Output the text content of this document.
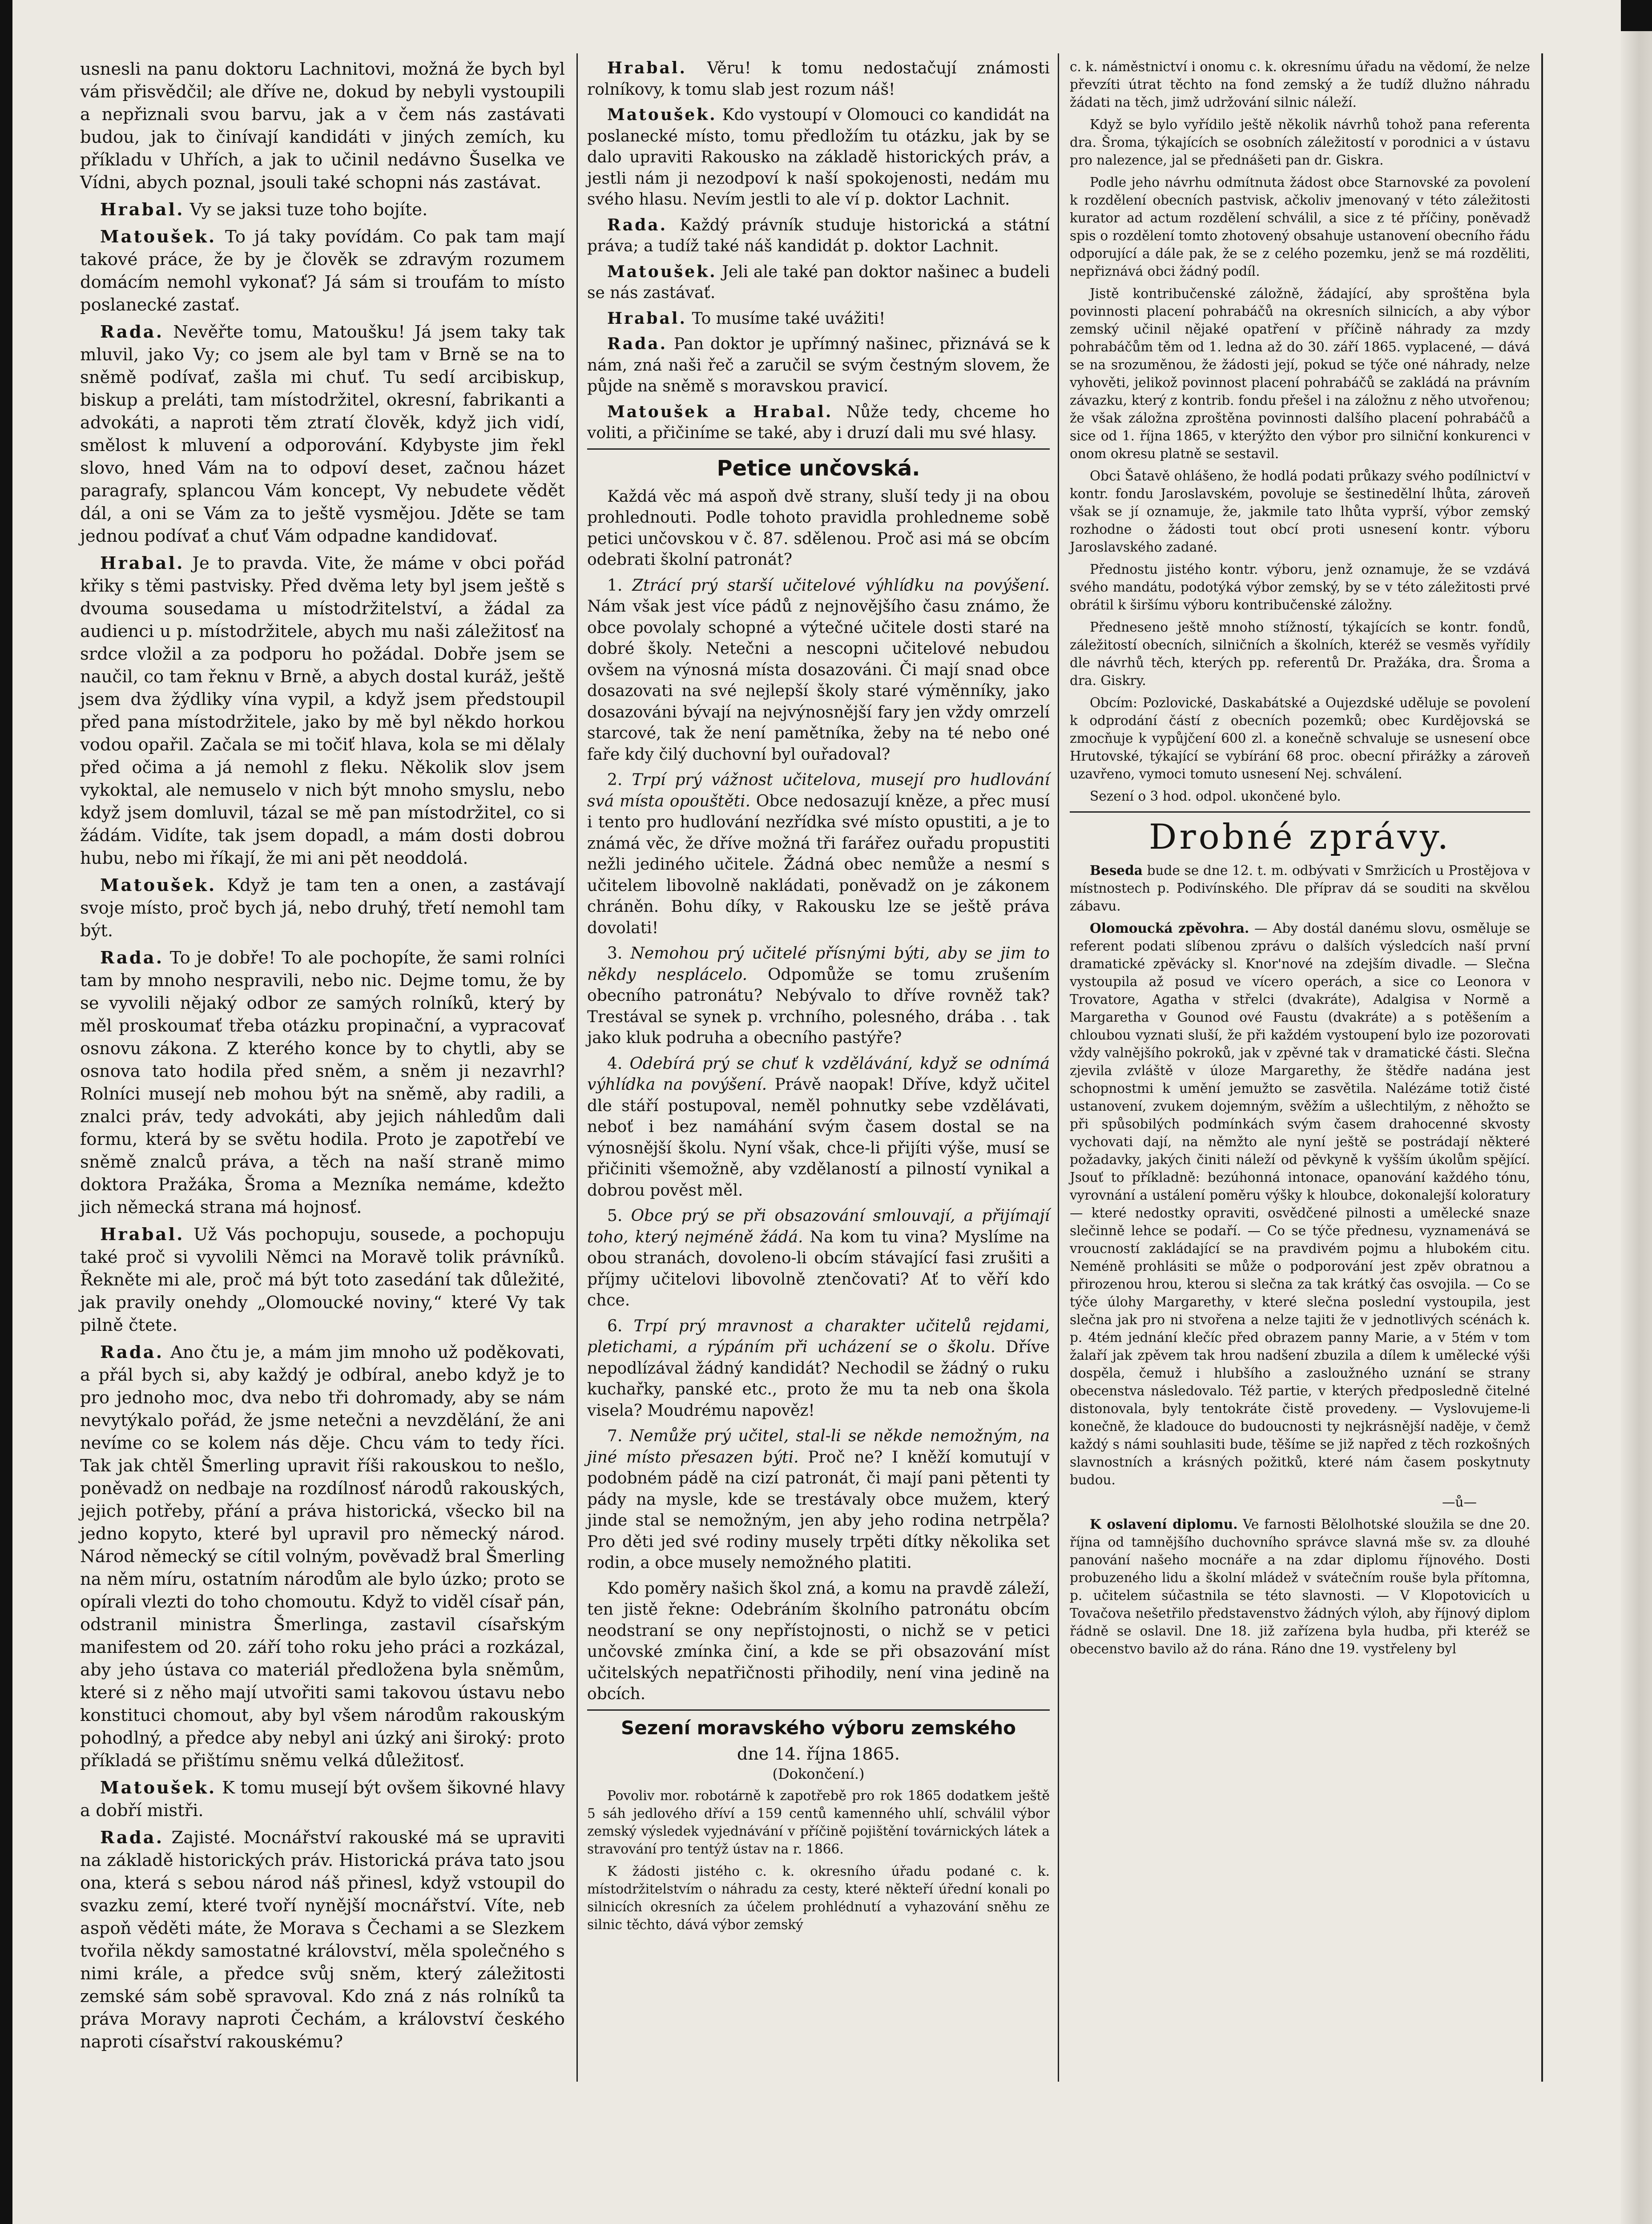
usnesli na panu doktoru Lachnitovi, možná že bych byl vám přisvědčil; ale dříve ne, dokud by nebyli vystoupili a nepřiznali svou barvu, jak a v čem nás zastávati budou, jak to činívají kandidáti v jiných zemích, ku příkladu v Uhřích, a jak to učinil nedávno Šuselka ve Vídni, abych poznal, jsouli také schopni nás zastávat.

Hrabal. Vy se jaksi tuze toho bojíte.

Matoušek. To já taky povídám. Co pak tam mají takové práce, že by je člověk se zdravým rozumem domácím nemohl vykonať? Já sám si troufám to místo poslanecké zastať.

Rada. Nevěřte tomu, Matoušku! Já jsem taky tak mluvil, jako Vy; co jsem ale byl tam v Brně se na to sněmě podívať, zašla mi chuť. Tu sedí arcibiskup, biskup a preláti, tam místodržitel, okresní, fabrikanti a advokáti, a naproti těm ztratí člověk, když jich vidí, smělost k mluvení a odporování. Kdybyste jim řekl slovo, hned Vám na to odpoví deset, začnou házet paragrafy, splancou Vám koncept, Vy nebudete vědět dál, a oni se Vám za to ještě vysmějou. Jděte se tam jednou podívať a chuť Vám odpadne kandidovať.

Hrabal. Je to pravda. Vite, že máme v obci pořád křiky s těmi pastvisky. Před dvěma lety byl jsem ještě s dvouma sousedama u místodržitelství, a žádal za audienci u p. místodržitele, abych mu naši záležitosť na srdce vložil a za podporu ho požádal. Dobře jsem se naučil, co tam řeknu v Brně, a abych dostal kuráž, ještě jsem dva žýdliky vína vypil, a když jsem předstoupil před pana místodržitele, jako by mě byl někdo horkou vodou opařil. Začala se mi točiť hlava, kola se mi dělaly před očima a já nemohl z fleku. Několik slov jsem vykoktal, ale nemuselo v nich být mnoho smyslu, nebo když jsem domluvil, tázal se mě pan místodržitel, co si žádám. Vidíte, tak jsem dopadl, a mám dosti dobrou hubu, nebo mi říkají, že mi ani pět neoddolá.

Matoušek. Když je tam ten a onen, a zastávají svoje místo, proč bych já, nebo druhý, třetí nemohl tam být.

Rada. To je dobře! To ale pochopíte, že sami rolníci tam by mnoho nespravili, nebo nic. Dejme tomu, že by se vyvolili nějaký odbor ze samých rolníků, který by měl proskoumať třeba otázku propinační, a vypracovať osnovu zákona. Z kterého konce by to chytli, aby se osnova tato hodila před sněm, a sněm ji nezavrhl? Rolníci musejí neb mohou být na sněmě, aby radili, a znalci práv, tedy advokáti, aby jejich náhledům dali formu, která by se světu hodila. Proto je zapotřebí ve sněmě znalců práva, a těch na naší straně mimo doktora Pražáka, Šroma a Mezníka nemáme, kdežto jich německá strana má hojnosť.

Hrabal. Už Vás pochopuju, sousede, a pochopuju také proč si vyvolili Němci na Moravě tolik právníků. Řekněte mi ale, proč má být toto zasedání tak důležité, jak pravily onehdy „Olomoucké noviny,“ které Vy tak pilně čtete.

Rada. Ano čtu je, a mám jim mnoho už poděkovati, a přál bych si, aby každý je odbíral, anebo když je to pro jednoho moc, dva nebo tři dohromady, aby se nám nevytýkalo pořád, že jsme netečni a nevzdělání, že ani nevíme co se kolem nás děje. Chcu vám to tedy říci. Tak jak chtěl Šmerling upravit říši rakouskou to nešlo, poněvadž on nedbaje na rozdílnosť národů rakouských, jejich potřeby, přání a práva historická, všecko bil na jedno kopyto, které byl upravil pro německý národ. Národ německý se cítil volným, pověvadž bral Šmerling na něm míru, ostatním národům ale bylo úzko; proto se opírali vlezti do toho chomoutu. Když to viděl císař pán, odstranil ministra Šmerlinga, zastavil císařským manifestem od 20. září toho roku jeho práci a rozkázal, aby jeho ústava co materiál předložena byla sněmům, které si z něho mají utvořiti sami takovou ústavu nebo konstituci chomout, aby byl všem národům rakouským pohodlný, a předce aby nebyl ani úzký ani široký: proto příkladá se přištímu sněmu velká důležitosť.

Matoušek. K tomu musejí být ovšem šikovné hlavy a dobří mistři.

Rada. Zajisté. Mocnářství rakouské má se upraviti na základě historických práv. Historická práva tato jsou ona, která s sebou národ náš přinesl, když vstoupil do svazku zemí, které tvoří nynější mocnářství. Víte, neb aspoň věděti máte, že Morava s Čechami a se Slezkem tvořila někdy samostatné království, měla společného s nimi krále, a předce svůj sněm, který záležitosti zemské sám sobě spravoval. Kdo zná z nás rolníků ta práva Moravy naproti Čechám, a království českého naproti císařství rakouskému?

Hrabal. Věru! k tomu nedostačují známosti rolníkovy, k tomu slab jest rozum náš!

Matoušek. Kdo vystoupí v Olomouci co kandidát na poslanecké místo, tomu předložím tu otázku, jak by se dalo upraviti Rakousko na základě historických práv, a jestli nám ji nezodpoví k naší spokojenosti, nedám mu svého hlasu. Nevím jestli to ale ví p. doktor Lachnit.

Rada. Každý právník studuje historická a státní práva; a tudíž také náš kandidát p. doktor Lachnit.

Matoušek. Jeli ale také pan doktor našinec a budeli se nás zastávať.

Hrabal. To musíme také uvážiti!

Rada. Pan doktor je upřímný našinec, přiznává se k nám, zná naši řeč a zaručil se svým čestným slovem, že půjde na sněmě s moravskou pravicí.

Matoušek a Hrabal. Nůže tedy, chceme ho voliti, a přičiníme se také, aby i druzí dali mu své hlasy.

Petice unčovská.

Každá věc má aspoň dvě strany, sluší tedy ji na obou prohlednouti. Podle tohoto pravidla prohledneme sobě petici unčovskou v č. 87. sdělenou. Proč asi má se obcím odebrati školní patronát?

1. Ztrácí prý starší učitelové výhlídku na povýšení. Nám však jest více pádů z nejnovějšího času známo, že obce povolaly schopné a výtečné učitele dosti staré na dobré školy. Netečni a nescopni učitelové nebudou ovšem na výnosná místa dosazováni. Či mají snad obce dosazovati na své nejlepší školy staré výměnníky, jako dosazováni bývají na nejvýnosnější fary jen vždy omrzelí starcové, tak že není pamětníka, žeby na té nebo oné faře kdy čilý duchovní byl ouřadoval?

2. Trpí prý vážnost učitelova, musejí pro hudlování svá místa opouštěti. Obce nedosazují kněze, a přec musí i tento pro hudlování nezřídka své místo opustiti, a je to známá věc, že dříve možná tři farářez ouřadu propustiti nežli jediného učitele. Žádná obec nemůže a nesmí s učitelem libovolně nakládati, poněvadž on je zákonem chráněn. Bohu díky, v Rakousku lze se ještě práva dovolati!

3. Nemohou prý učitelé přísnými býti, aby se jim to někdy nesplácelo. Odpomůže se tomu zrušením obecního patronátu? Nebývalo to dříve rovněž tak? Trestával se synek p. vrchního, polesného, drába . . tak jako kluk podruha a obecního pastýře?

4. Odebírá prý se chuť k vzdělávání, když se odnímá výhlídka na povýšení. Právě naopak! Dříve, když učitel dle stáří postupoval, neměl pohnutky sebe vzdělávati, neboť i bez namáhání svým časem dostal se na výnosnější školu. Nyní však, chce-li přijíti výše, musí se přičiniti všemožně, aby vzdělaností a pilností vynikal a dobrou pověst měl.

5. Obce prý se při obsazování smlouvají, a přijímají toho, který nejméně žádá. Na kom tu vina? Myslíme na obou stranách, dovoleno-li obcím stávající fasi zrušiti a příjmy učitelovi libovolně ztenčovati? Ať to věří kdo chce.

6. Trpí prý mravnost a charakter učitelů rejdami, pletichami, a rýpáním při ucházení se o školu. Dříve nepodlízával žádný kandidát? Nechodil se žádný o ruku kuchařky, panské etc., proto že mu ta neb ona škola visela? Moudrému napověz!

7. Nemůže prý učitel, stal-li se někde nemožným, na jiné místo přesazen býti. Proč ne? I kněží komutují v podobném pádě na cizí patronát, či mají pani pětenti ty pády na mysle, kde se trestávaly obce mužem, který jinde stal se nemožným, jen aby jeho rodina netrpěla? Pro děti jed své rodiny musely trpěti dítky několika set rodin, a obce musely nemožného platiti.

Kdo poměry našich škol zná, a komu na pravdě záleží, ten jistě řekne: Odebráním školního patronátu obcím neodstraní se ony nepřístojnosti, o nichž se v petici unčovské zmínka činí, a kde se při obsazování míst učitelských nepatřičnosti přihodily, není vina jedině na obcích.

Sezení moravského výboru zemského
dne 14. října 1865.
(Dokončení.)

Povoliv mor. robotárně k zapotřebě pro rok 1865 dodatkem ještě 5 sáh jedlového dříví a 159 centů kamenného uhlí, schválil výbor zemský výsledek vyjednávání v příčině pojištění továrnických látek a stravování pro tentýž ústav na r. 1866.

K žádosti jistého c. k. okresního úřadu podané c. k. místodržitelstvím o náhradu za cesty, které někteří úřední konali po silnicích okresních za účelem prohlédnutí a vyhazování sněhu ze silnic těchto, dává výbor zemský

c. k. náměstnictví i onomu c. k. okresnímu úřadu na vědomí, že nelze převzíti útrat těchto na fond zemský a že tudíž dlužno náhradu žádati na těch, jimž udržování silnic náleží.

Když se bylo vyřídilo ještě několik návrhů tohož pana referenta dra. Šroma, týkajících se osobních záležitostí v porodnici a v ústavu pro nalezence, jal se přednášeti pan dr. Giskra.

Podle jeho návrhu odmítnuta žádost obce Starnovské za povolení k rozdělení obecních pastvisk, ačkoliv jmenovaný v této záležitosti kurator ad actum rozdělení schválil, a sice z té příčiny, poněvadž spis o rozdělení tomto zhotovený obsahuje ustanovení obecního řádu odporující a dále pak, že se z celého pozemku, jenž se má rozděliti, nepřiznává obci žádný podíl.

Jistě kontribučenské záložně, žádající, aby sproštěna byla povinnosti placení pohrabáčů na okresních silnicích, a aby výbor zemský učinil nějaké opatření v příčině náhrady za mzdy pohrabáčům těm od 1. ledna až do 30. září 1865. vyplacené, — dává se na srozuměnou, že žádosti její, pokud se týče oné náhrady, nelze vyhověti, jelikož povinnost placení pohrabáčů se zakládá na právním závazku, který z kontrib. fondu přešel i na záložnu z něho utvořenou; že však záložna zproštěna povinnosti dalšího placení pohrabáčů a sice od 1. října 1865, v kterýžto den výbor pro silniční konkurenci v onom okresu platně se sestavil.

Obci Šatavě ohlášeno, že hodlá podati průkazy svého podílnictví v kontr. fondu Jaroslavském, povoluje se šestinedělní lhůta, zároveň však se jí oznamuje, že, jakmile tato lhůta vyprší, výbor zemský rozhodne o žádosti tout obcí proti usnesení kontr. výboru Jaroslavského zadané.

Přednostu jistého kontr. výboru, jenž oznamuje, že se vzdává svého mandátu, podotýká výbor zemský, by se v této záležitosti prvé obrátil k širšímu výboru kontribučenské záložny.

Předneseno ještě mnoho stížností, týkajících se kontr. fondů, záležitostí obecních, silničních a školních, kteréž se vesměs vyřídily dle návrhů těch, kterých pp. referentů Dr. Pražáka, dra. Šroma a dra. Giskry.

Obcím: Pozlovické, Daskabátské a Oujezdské uděluje se povolení k odprodání částí z obecních pozemků; obec Kurdějovská se zmocňuje k vypůjčení 600 zl. a konečně schvaluje se usnesení obce Hrutovské, týkající se vybírání 68 proc. obecní přirážky a zároveň uzavřeno, vymoci tomuto usnesení Nej. schválení.

Sezení o 3 hod. odpol. ukončené bylo.

Drobné zprávy.

Beseda bude se dne 12. t. m. odbývati v Smržicích u Prostějova v místnostech p. Podivínského. Dle příprav dá se souditi na skvělou zábavu.

Olomoucká zpěvohra. — Aby dostál danému slovu, osměluje se referent podati slíbenou zprávu o dalších výsledcích naší první dramatické zpěvácky sl. Knor'nové na zdejším divadle. — Slečna vystoupila až posud ve vícero operách, a sice co Leonora v Trovatore, Agatha v střelci (dvakráte), Adalgisa v Normě a Margaretha v Gounod ové Faustu (dvakráte) a s potěšením a chloubou vyznati sluší, že při každém vystoupení bylo ize pozorovati vždy valnějšího pokroků, jak v zpěvné tak v dramatické části. Slečna zjevila zvláště v úloze Margarethy, že štědře nadána jest schopnostmi k umění jemužto se zasvětila. Nalézáme totiž čisté ustanovení, zvukem dojemným, svěžím a ušlechtilým, z něhožto se při spůsobilých podmínkách svým časem drahocenné skvosty vychovati dají, na němžto ale nyní ještě se postrádají některé požadavky, jakých činiti náleží od pěvkyně k vyšším úkolům spějící. Jsouť to příkladně: bezúhonná intonace, opanování každého tónu, vyrovnání a ustálení poměru výšky k hloubce, dokonalejší koloratury — které nedostky opraviti, osvědčené pilnosti a umělecké snaze slečinně lehce se podaří. — Co se týče přednesu, vyznamenává se vroucností zakládající se na pravdivém pojmu a hlubokém citu. Neméně prohlásiti se může o podporování jest zpěv obratnou a přirozenou hrou, kterou si slečna za tak krátký čas osvojila. — Co se týče úlohy Margarethy, v které slečna poslední vystoupila, jest slečna jak pro ni stvořena a nelze tajiti že v jednotlivých scénách k. p. 4tém jednání klečíc před obrazem panny Marie, a v 5tém v tom žalaří jak zpěvem tak hrou nadšení zbuzila a dílem k umělecké výši dospěla, čemuž i hlubšího a zasloužného uznání se strany obecenstva následovalo. Též partie, v kterých předposledně čitelné distonovala, byly tentokráte čistě provedeny. — Vyslovujeme-li konečně, že kladouce do budoucnosti ty nejkrásnější naděje, v čemž každý s námi souhlasiti bude, těšíme se již napřed z těch rozkošných slavnostních a krásných požitků, které nám časem poskytnuty budou.

—ů—

K oslavení diplomu. Ve farnosti Bělolhotské sloužila se dne 20. října od tamnějšího duchovního správce slavná mše sv. za dlouhé panování našeho mocnáře a na zdar diplomu říjnového. Dosti probuzeného lidu a školní mládež v svátečním rouše byla přítomna, p. učitelem súčastnila se této slavnosti. — V Klopotovicích u Tovačova nešetřilo představenstvo žádných výloh, aby říjnový diplom řádně se oslavil. Dne 18. již zařízena byla hudba, při kteréž se obecenstvo bavilo až do rána. Ráno dne 19. vystřeleny byl
